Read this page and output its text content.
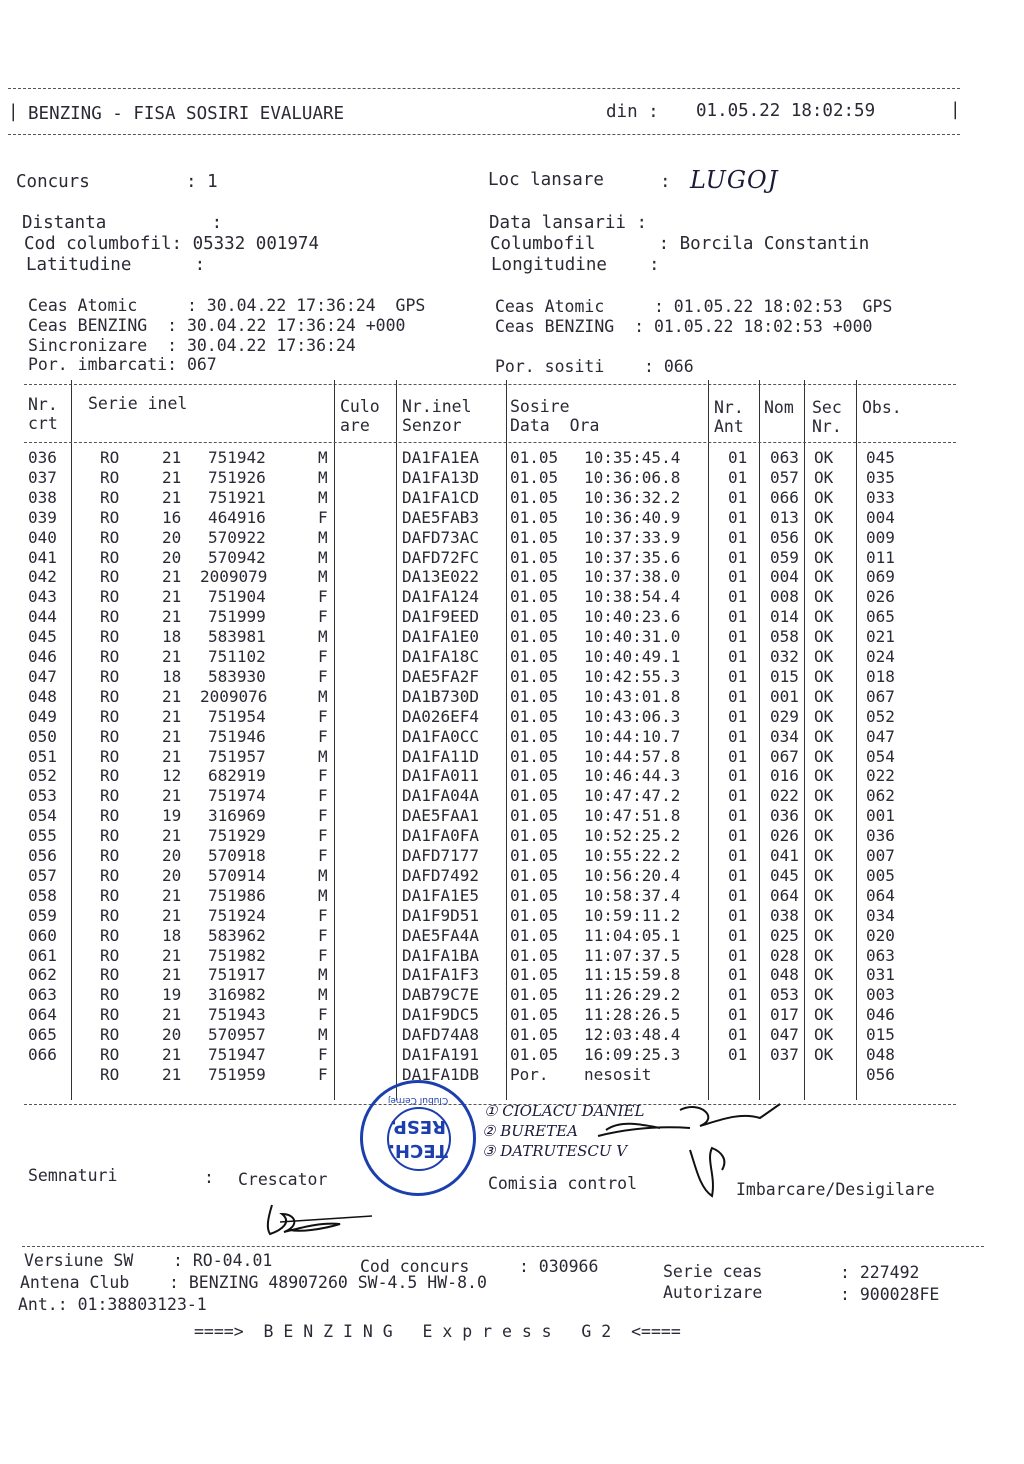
| BENZING - FISA SOSIRI EVALUARE	din : 01.05.22 18:02:59	|
Concurs	: 1	Loc lansare	: LUGOJ
Distanta          :
Cod columbofil: 05332 001974
Latitudine      :
Data lansarii :
Columbofil      : Borcila Constantin
Longitudine    :
Ceas Atomic     : 30.04.22 17:36:24  GPS
Ceas BENZING  : 30.04.22 17:36:24 +000
Sincronizare  : 30.04.22 17:36:24
Por. imbarcati: 067
Ceas Atomic     : 01.05.22 18:02:53  GPS
Ceas BENZING  : 01.05.22 18:02:53 +000
Por. sositi    : 066
Nr.
crt
Serie inel	Culo
are
Nr.inel
Senzor
Sosire
Data  Ora
Nr.
Ant
Nom Sec
Nr.
Obs.
036	RO	21 751942	M	DA1FA1EA 01.05 10:35:45.4	01 063 OK 045
037	RO	21 751926	M	DA1FA13D 01.05 10:36:06.8	01 057 OK 035
038	RO	21 751921	M	DA1FA1CD 01.05 10:36:32.2	01 066 OK 033
039	RO	16 464916	F	DAE5FAB3 01.05 10:36:40.9	01 013 OK 004
040	RO	20 570922	M	DAFD73AC 01.05 10:37:33.9	01 056 OK 009
041	RO	20 570942	M	DAFD72FC 01.05 10:37:35.6	01 059 OK 011
042	RO	21 2009079	M	DA13E022 01.05 10:37:38.0	01 004 OK 069
043	RO	21 751904	F	DA1FA124 01.05 10:38:54.4	01 008 OK 026
044	RO	21 751999	F	DA1F9EED 01.05 10:40:23.6	01 014 OK 065
045	RO	18 583981	M	DA1FA1E0 01.05 10:40:31.0	01 058 OK 021
046	RO	21 751102	F	DA1FA18C 01.05 10:40:49.1	01 032 OK 024
047	RO	18 583930	F	DAE5FA2F 01.05 10:42:55.3	01 015 OK 018
048	RO	21 2009076	M	DA1B730D 01.05 10:43:01.8	01 001 OK 067
049	RO	21 751954	F	DA026EF4 01.05 10:43:06.3	01 029 OK 052
050	RO	21 751946	F	DA1FA0CC 01.05 10:44:10.7	01 034 OK 047
051	RO	21 751957	M	DA1FA11D 01.05 10:44:57.8	01 067 OK 054
052	RO	12 682919	F	DA1FA011 01.05 10:46:44.3	01 016 OK 022
053	RO	21 751974	F	DA1FA04A 01.05 10:47:47.2	01 022 OK 062
054	RO	19 316969	F	DAE5FAA1 01.05 10:47:51.8	01 036 OK 001
055	RO	21 751929	F	DA1FA0FA 01.05 10:52:25.2	01 026 OK 036
056	RO	20 570918	F	DAFD7177 01.05 10:55:22.2	01 041 OK 007
057	RO	20 570914	M	DAFD7492 01.05 10:56:20.4	01 045 OK 005
058	RO	21 751986	M	DA1FA1E5 01.05 10:58:37.4	01 064 OK 064
059	RO	21 751924	F	DA1F9D51 01.05 10:59:11.2	01 038 OK 034
060	RO	18 583962	F	DAE5FA4A 01.05 11:04:05.1	01 025 OK 020
061	RO	21 751982	F	DA1FA1BA 01.05 11:07:37.5	01 028 OK 063
062	RO	21 751917	M	DA1FA1F3 01.05 11:15:59.8	01 048 OK 031
063	RO	19 316982	M	DAB79C7E 01.05 11:26:29.2	01 053 OK 003
064	RO	21 751943	F	DA1F9DC5 01.05 11:28:26.5	01 017 OK 046
065	RO	20 570957	M	DAFD74A8 01.05 12:03:48.4	01 047 OK 015
066	RO	21 751947	F	DA1FA191 01.05 16:09:25.3	01 037 OK 048
RO	21 751959	F	DA1FA1DB Por. nesosit	056
① CIOLACU DANIEL
② BURETEA
③ DATRUTESCU V
TECH.
RESP.
Clubul Cernej
Semnaturi	: Crescator	Comisia control	Imbarcare/Desigilare
Versiune SW    : RO-04.01	Cod concurs     : 030966	Serie ceas	: 227492
Antena Club    : BENZING 48907260 SW-4.5 HW-8.0
Autorizare	: 900028FE
Ant.: 01:38803123-1
====>  B E N Z I N G   E x p r e s s   G 2  <====
